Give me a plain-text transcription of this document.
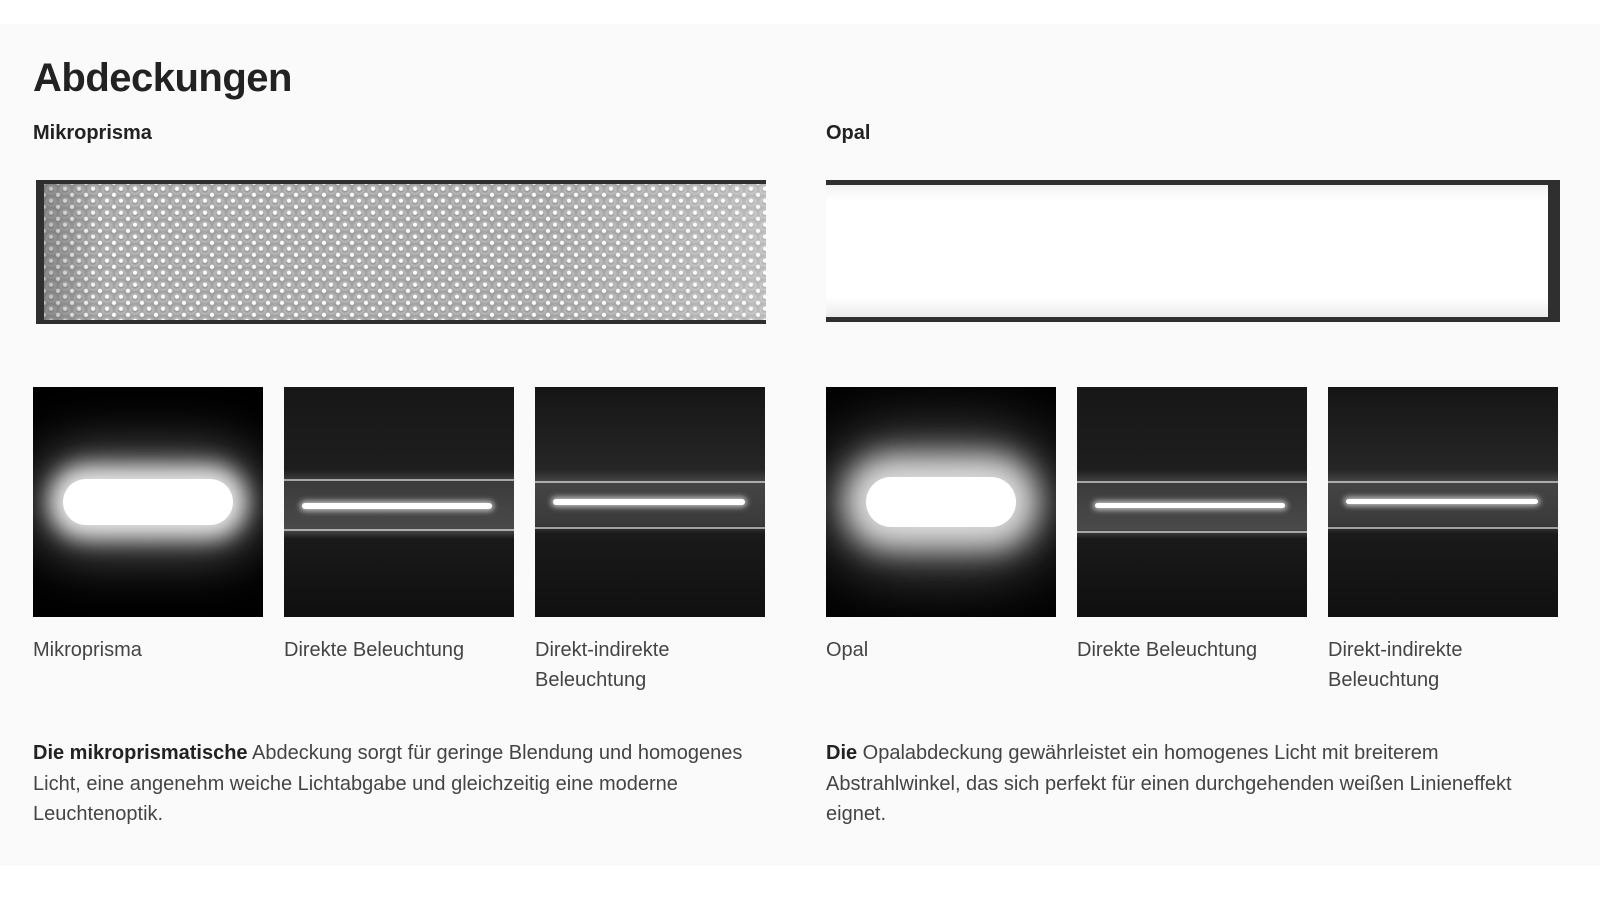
Abdeckungen
Mikroprisma
Mikroprisma	Direkte Beleuchtung	Direkt-indirekte Beleuchtung

Die mikroprismatische Abdeckung sorgt für geringe Blendung und homogenes Licht, eine angenehm weiche Lichtabgabe und gleichzeitig eine moderne Leuchtenoptik.

Opal
Opal	Direkte Beleuchtung	Direkt-indirekte Beleuchtung

Die Opalabdeckung gewährleistet ein homogenes Licht mit breiterem Abstrahlwinkel, das sich perfekt für einen durchgehenden weißen Linieneffekt eignet.
